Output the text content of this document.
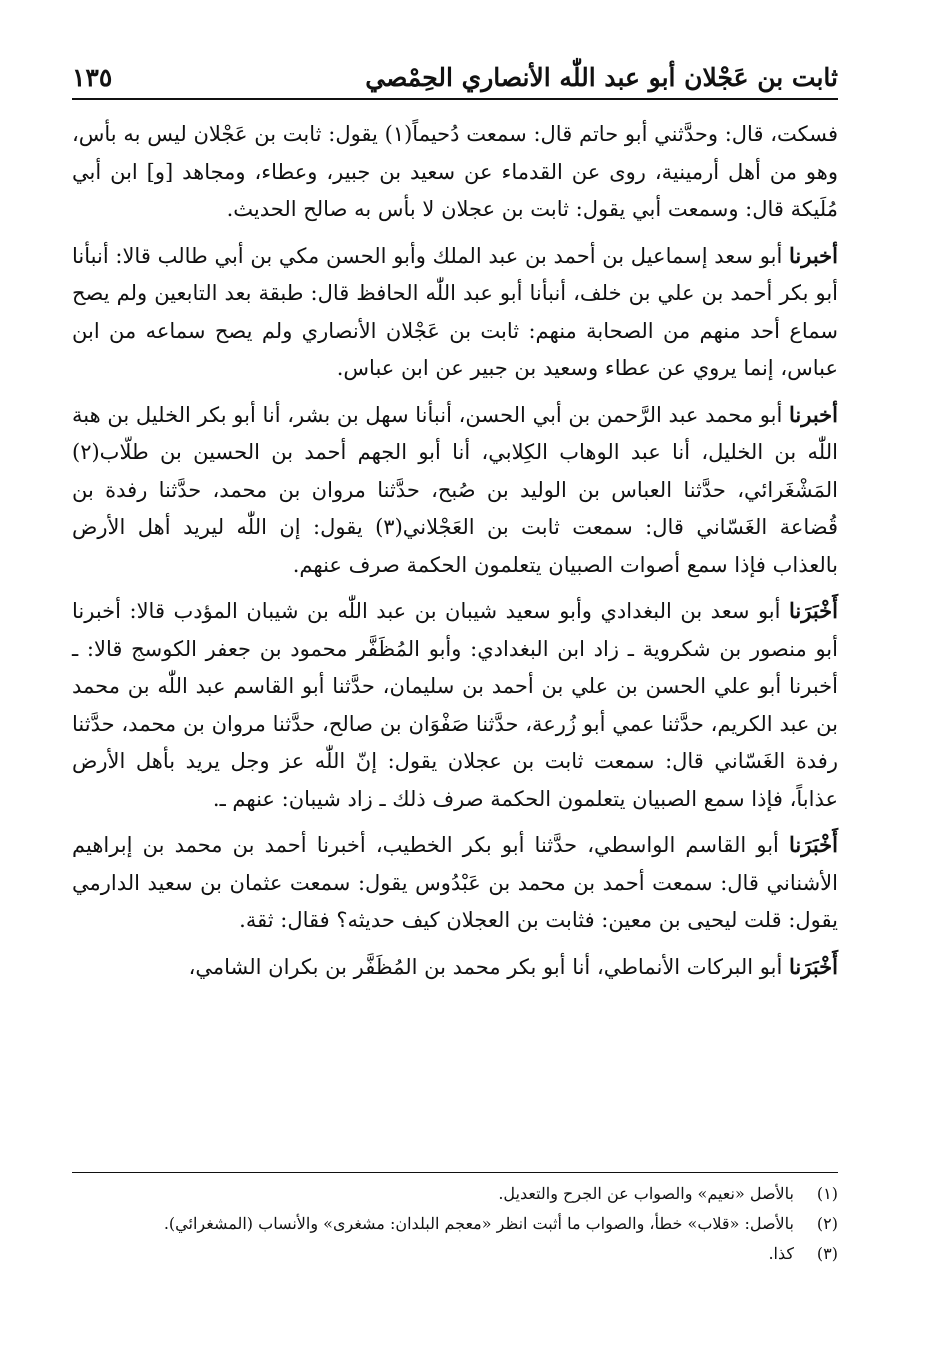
ثابت بن عَجْلان أبو عبد اللّٰه الأنصاري الحِمْصي
١٣٥

فسكت، قال: وحدَّثني أبو حاتم قال: سمعت دُحيماً(١) يقول: ثابت بن عَجْلان ليس به بأس، وهو من أهل أرمينية، روى عن القدماء عن سعيد بن جبير، وعطاء، ومجاهد [و] ابن أبي مُلَيكة قال: وسمعت أبي يقول: ثابت بن عجلان لا بأس به صالح الحديث.

أخبرنا أبو سعد إسماعيل بن أحمد بن عبد الملك وأبو الحسن مكي بن أبي طالب قالا: أنبأنا أبو بكر أحمد بن علي بن خلف، أنبأنا أبو عبد اللّٰه الحافظ قال: طبقة بعد التابعين ولم يصح سماع أحد منهم من الصحابة منهم: ثابت بن عَجْلان الأنصاري ولم يصح سماعه من ابن عباس، إنما يروي عن عطاء وسعيد بن جبير عن ابن عباس.

أخبرنا أبو محمد عبد الرَّحمن بن أبي الحسن، أنبأنا سهل بن بشر، أنا أبو بكر الخليل بن هبة اللّٰه بن الخليل، أنا عبد الوهاب الكِلابي، أنا أبو الجهم أحمد بن الحسين بن طلّاب(٢) المَشْغَرائي، حدَّثنا العباس بن الوليد بن صُبح، حدَّثنا مروان بن محمد، حدَّثنا رفدة بن قُضاعة الغَسّاني قال: سمعت ثابت بن العَجْلاني(٣) يقول: إن اللّٰه ليريد أهل الأرض بالعذاب فإذا سمع أصوات الصبيان يتعلمون الحكمة صرف عنهم.

أَخْبَرَنا أبو سعد بن البغدادي وأبو سعيد شيبان بن عبد اللّٰه بن شيبان المؤدب قالا: أخبرنا أبو منصور بن شكروية ـ زاد ابن البغدادي: وأبو المُظَفَّر محمود بن جعفر الكوسج قالا: ـ أخبرنا أبو علي الحسن بن علي بن أحمد بن سليمان، حدَّثنا أبو القاسم عبد اللّٰه بن محمد بن عبد الكريم، حدَّثنا عمي أبو زُرعة، حدَّثنا صَفْوَان بن صالح، حدَّثنا مروان بن محمد، حدَّثنا رفدة الغَسّاني قال: سمعت ثابت بن عجلان يقول: إنّ اللّٰه عز وجل يريد بأهل الأرض عذاباً، فإذا سمع الصبيان يتعلمون الحكمة صرف ذلك ـ زاد شيبان: عنهم ـ.

أَخْبَرَنا أبو القاسم الواسطي، حدَّثنا أبو بكر الخطيب، أخبرنا أحمد بن محمد بن إبراهيم الأشناني قال: سمعت أحمد بن محمد بن عَبْدُوس يقول: سمعت عثمان بن سعيد الدارمي يقول: قلت ليحيى بن معين: فثابت بن العجلان كيف حديثه؟ فقال: ثقة.

أَخْبَرَنا أبو البركات الأنماطي، أنا أبو بكر محمد بن المُظَفَّر بن بكران الشامي،

(١)
بالأصل «نعيم» والصواب عن الجرح والتعديل.
(٢)
بالأصل: «قلاب» خطأ، والصواب ما أثبت انظر «معجم البلدان: مشغرى» والأنساب (المشغرائي).
(٣)
كذا.
